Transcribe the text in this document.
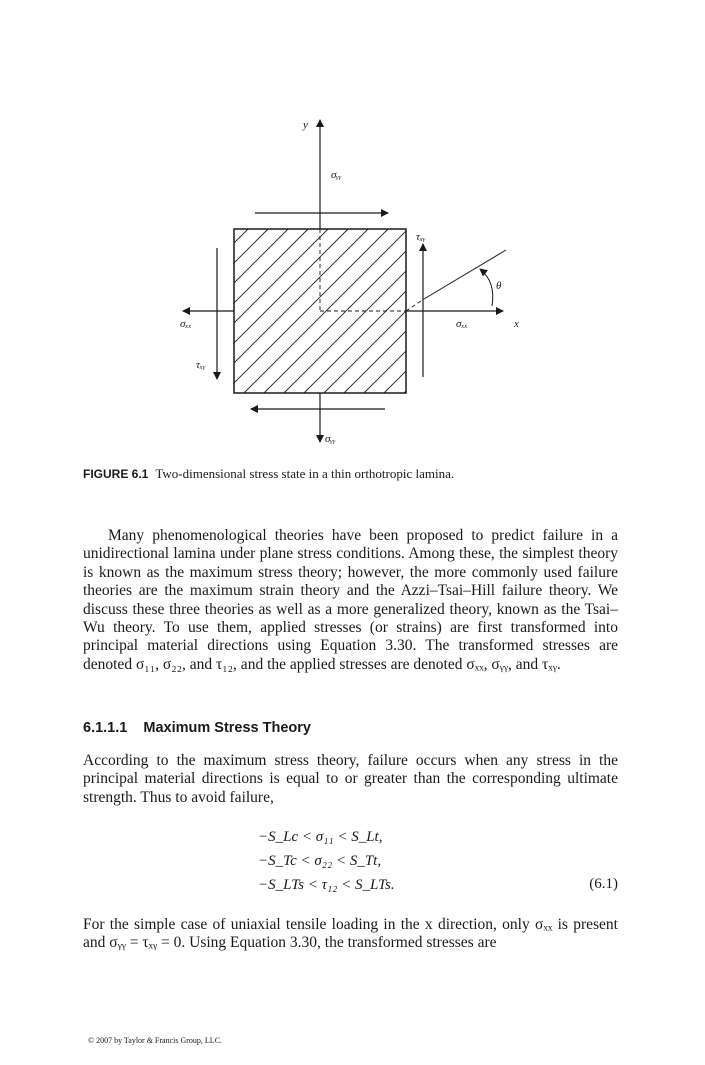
y
x
σᵧᵧ
σᵧᵧ
σₓₓ	σₓₓ
τₓᵧ
τₓᵧ
θ
FIGURE 6.1 Two-dimensional stress state in a thin orthotropic lamina.

Many phenomenological theories have been proposed to predict failure in a unidirectional lamina under plane stress conditions. Among these, the simplest theory is known as the maximum stress theory; however, the more commonly used failure theories are the maximum strain theory and the Azzi–Tsai–Hill failure theory. We discuss these three theories as well as a more generalized theory, known as the Tsai–Wu theory. To use them, applied stresses (or strains) are first transformed into principal material directions using Equation 3.30. The transformed stresses are denoted σ₁₁, σ₂₂, and τ₁₂, and the applied stresses are denoted σₓₓ, σᵧᵧ, and τₓᵧ.

6.1.1.1 Maximum Stress Theory

According to the maximum stress theory, failure occurs when any stress in the principal material directions is equal to or greater than the corresponding ultimate strength. Thus to avoid failure,

−S_Lc < σ₁₁ < S_Lt,
−S_Tc < σ₂₂ < S_Tt,
−S_LTs < τ₁₂ < S_LTs.	(6.1)

For the simple case of uniaxial tensile loading in the x direction, only σₓₓ is present and σᵧᵧ = τₓᵧ = 0. Using Equation 3.30, the transformed stresses are

© 2007 by Taylor & Francis Group, LLC.
